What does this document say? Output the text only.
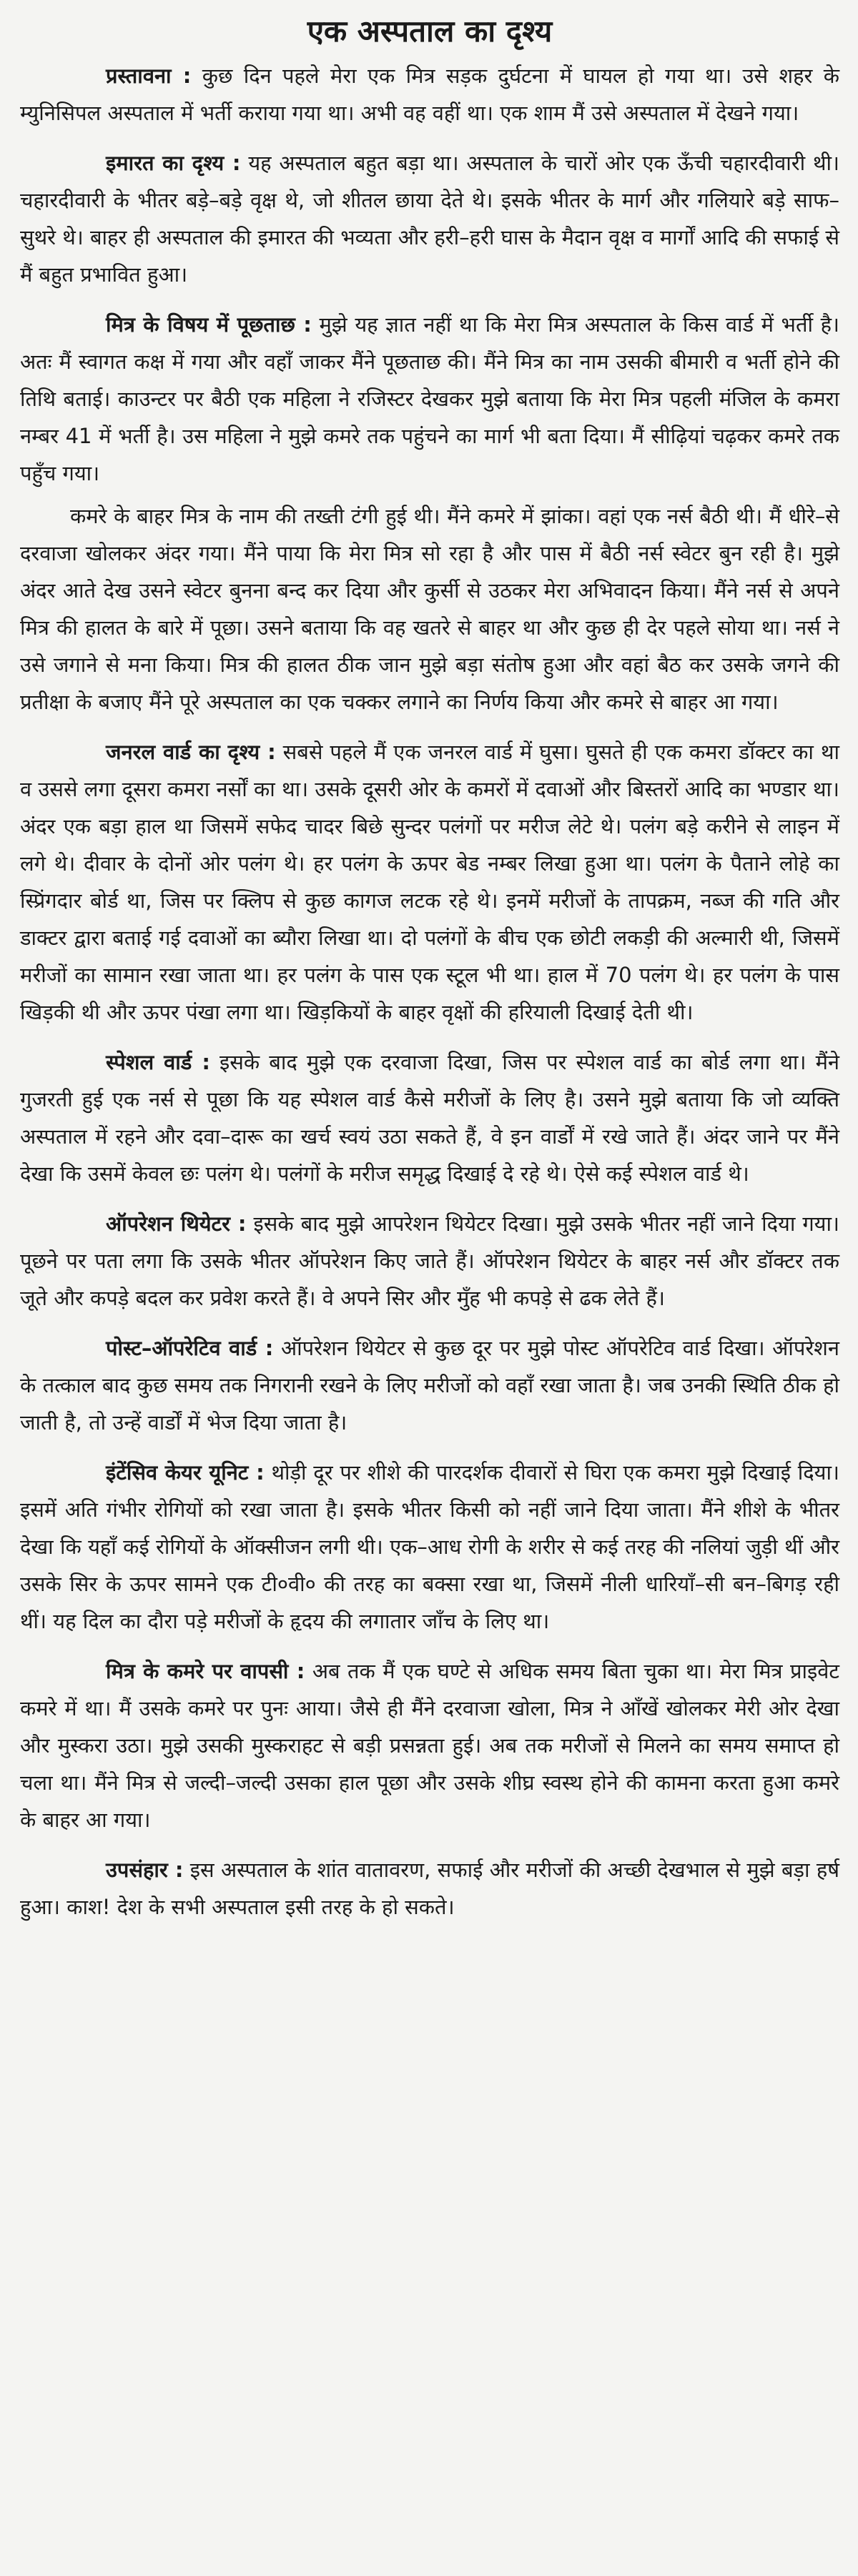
एक अस्पताल का दृश्य

प्रस्तावना : कुछ दिन पहले मेरा एक मित्र सड़क दुर्घटना में घायल हो गया था। उसे शहर के म्युनिसिपल अस्पताल में भर्ती कराया गया था। अभी वह वहीं था। एक शाम मैं उसे अस्पताल में देखने गया।

इमारत का दृश्य : यह अस्पताल बहुत बड़ा था। अस्पताल के चारों ओर एक ऊँची चहारदीवारी थी। चहारदीवारी के भीतर बड़े–बड़े वृक्ष थे, जो शीतल छाया देते थे। इसके भीतर के मार्ग और गलियारे बड़े साफ–सुथरे थे। बाहर ही अस्पताल की इमारत की भव्यता और हरी–हरी घास के मैदान वृक्ष व मार्गों आदि की सफाई से मैं बहुत प्रभावित हुआ।

मित्र के विषय में पूछताछ : मुझे यह ज्ञात नहीं था कि मेरा मित्र अस्पताल के किस वार्ड में भर्ती है। अतः मैं स्वागत कक्ष में गया और वहाँ जाकर मैंने पूछताछ की। मैंने मित्र का नाम उसकी बीमारी व भर्ती होने की तिथि बताई। काउन्टर पर बैठी एक महिला ने रजिस्टर देखकर मुझे बताया कि मेरा मित्र पहली मंजिल के कमरा नम्बर 41 में भर्ती है। उस महिला ने मुझे कमरे तक पहुंचने का मार्ग भी बता दिया। मैं सीढ़ियां चढ़कर कमरे तक पहुँच गया।

कमरे के बाहर मित्र के नाम की तख्ती टंगी हुई थी। मैंने कमरे में झांका। वहां एक नर्स बैठी थी। मैं धीरे–से दरवाजा खोलकर अंदर गया। मैंने पाया कि मेरा मित्र सो रहा है और पास में बैठी नर्स स्वेटर बुन रही है। मुझे अंदर आते देख उसने स्वेटर बुनना बन्द कर दिया और कुर्सी से उठकर मेरा अभिवादन किया। मैंने नर्स से अपने मित्र की हालत के बारे में पूछा। उसने बताया कि वह खतरे से बाहर था और कुछ ही देर पहले सोया था। नर्स ने उसे जगाने से मना किया। मित्र की हालत ठीक जान मुझे बड़ा संतोष हुआ और वहां बैठ कर उसके जगने की प्रतीक्षा के बजाए मैंने पूरे अस्पताल का एक चक्कर लगाने का निर्णय किया और कमरे से बाहर आ गया।

जनरल वार्ड का दृश्य : सबसे पहले मैं एक जनरल वार्ड में घुसा। घुसते ही एक कमरा डॉक्टर का था व उससे लगा दूसरा कमरा नर्सों का था। उसके दूसरी ओर के कमरों में दवाओं और बिस्तरों आदि का भण्डार था। अंदर एक बड़ा हाल था जिसमें सफेद चादर बिछे सुन्दर पलंगों पर मरीज लेटे थे। पलंग बड़े करीने से लाइन में लगे थे। दीवार के दोनों ओर पलंग थे। हर पलंग के ऊपर बेड नम्बर लिखा हुआ था। पलंग के पैताने लोहे का स्प्रिंगदार बोर्ड था, जिस पर क्लिप से कुछ कागज लटक रहे थे। इनमें मरीजों के तापक्रम, नब्ज की गति और डाक्टर द्वारा बताई गई दवाओं का ब्यौरा लिखा था। दो पलंगों के बीच एक छोटी लकड़ी की अल्मारी थी, जिसमें मरीजों का सामान रखा जाता था। हर पलंग के पास एक स्टूल भी था। हाल में 70 पलंग थे। हर पलंग के पास खिड़की थी और ऊपर पंखा लगा था। खिड़कियों के बाहर वृक्षों की हरियाली दिखाई देती थी।

स्पेशल वार्ड : इसके बाद मुझे एक दरवाजा दिखा, जिस पर स्पेशल वार्ड का बोर्ड लगा था। मैंने गुजरती हुई एक नर्स से पूछा कि यह स्पेशल वार्ड कैसे मरीजों के लिए है। उसने मुझे बताया कि जो व्यक्ति अस्पताल में रहने और दवा–दारू का खर्च स्वयं उठा सकते हैं, वे इन वार्डों में रखे जाते हैं। अंदर जाने पर मैंने देखा कि उसमें केवल छः पलंग थे। पलंगों के मरीज समृद्ध दिखाई दे रहे थे। ऐसे कई स्पेशल वार्ड थे।

ऑपरेशन थियेटर : इसके बाद मुझे आपरेशन थियेटर दिखा। मुझे उसके भीतर नहीं जाने दिया गया। पूछने पर पता लगा कि उसके भीतर ऑपरेशन किए जाते हैं। ऑपरेशन थियेटर के बाहर नर्स और डॉक्टर तक जूते और कपड़े बदल कर प्रवेश करते हैं। वे अपने सिर और मुँह भी कपड़े से ढक लेते हैं।

पोस्ट–ऑपरेटिव वार्ड : ऑपरेशन थियेटर से कुछ दूर पर मुझे पोस्ट ऑपरेटिव वार्ड दिखा। ऑपरेशन के तत्काल बाद कुछ समय तक निगरानी रखने के लिए मरीजों को वहाँ रखा जाता है। जब उनकी स्थिति ठीक हो जाती है, तो उन्हें वार्डों में भेज दिया जाता है।

इंटेंसिव केयर यूनिट : थोड़ी दूर पर शीशे की पारदर्शक दीवारों से घिरा एक कमरा मुझे दिखाई दिया। इसमें अति गंभीर रोगियों को रखा जाता है। इसके भीतर किसी को नहीं जाने दिया जाता। मैंने शीशे के भीतर देखा कि यहाँ कई रोगियों के ऑक्सीजन लगी थी। एक–आध रोगी के शरीर से कई तरह की नलियां जुड़ी थीं और उसके सिर के ऊपर सामने एक टी०वी० की तरह का बक्सा रखा था, जिसमें नीली धारियाँ–सी बन–बिगड़ रही थीं। यह दिल का दौरा पड़े मरीजों के हृदय की लगातार जाँच के लिए था।

मित्र के कमरे पर वापसी : अब तक मैं एक घण्टे से अधिक समय बिता चुका था। मेरा मित्र प्राइवेट कमरे में था। मैं उसके कमरे पर पुनः आया। जैसे ही मैंने दरवाजा खोला, मित्र ने आँखें खोलकर मेरी ओर देखा और मुस्करा उठा। मुझे उसकी मुस्कराहट से बड़ी प्रसन्नता हुई। अब तक मरीजों से मिलने का समय समाप्त हो चला था। मैंने मित्र से जल्दी–जल्दी उसका हाल पूछा और उसके शीघ्र स्वस्थ होने की कामना करता हुआ कमरे के बाहर आ गया।

उपसंहार : इस अस्पताल के शांत वातावरण, सफाई और मरीजों की अच्छी देखभाल से मुझे बड़ा हर्ष हुआ। काश! देश के सभी अस्पताल इसी तरह के हो सकते।
